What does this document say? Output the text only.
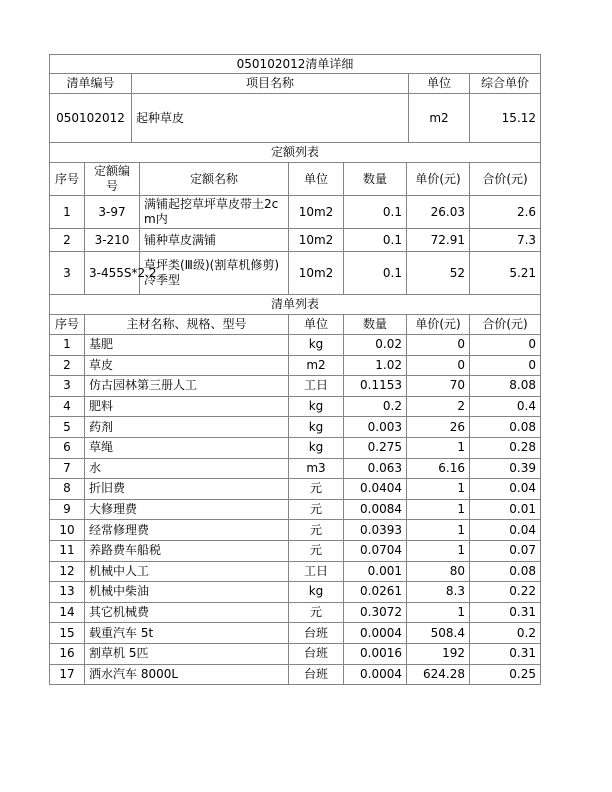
050102012清单详细			
清单编号	项目名称	单位	综合单价
050102012	起种草皮	m2	15.12
定额列表						
序号	定额编号	定额名称	单位	数量	单价(元)	合价(元)
1	3-97	满铺起挖草坪草皮带土2cm内	10m2	0.1	26.03	2.6
2	3-210	铺种草皮满铺	10m2	0.1	72.91	7.3
3	3-455S*2.2	草坪类(Ⅲ级)(割草机修剪)冷季型	10m2	0.1	52	5.21
清单列表					
序号	主材名称、规格、型号	单位	数量	单价(元)	合价(元)
1	基肥	kg	0.02	0	0
2	草皮	m2	1.02	0	0
3	仿古园林第三册人工	工日	0.1153	70	8.08
4	肥料	kg	0.2	2	0.4
5	药剂	kg	0.003	26	0.08
6	草绳	kg	0.275	1	0.28
7	水	m3	0.063	6.16	0.39
8	折旧费	元	0.0404	1	0.04
9	大修理费	元	0.0084	1	0.01
10	经常修理费	元	0.0393	1	0.04
11	养路费车船税	元	0.0704	1	0.07
12	机械中人工	工日	0.001	80	0.08
13	机械中柴油	kg	0.0261	8.3	0.22
14	其它机械费	元	0.3072	1	0.31
15	载重汽车 5t	台班	0.0004	508.4	0.2
16	割草机 5匹	台班	0.0016	192	0.31
17	洒水汽车 8000L	台班	0.0004	624.28	0.25
